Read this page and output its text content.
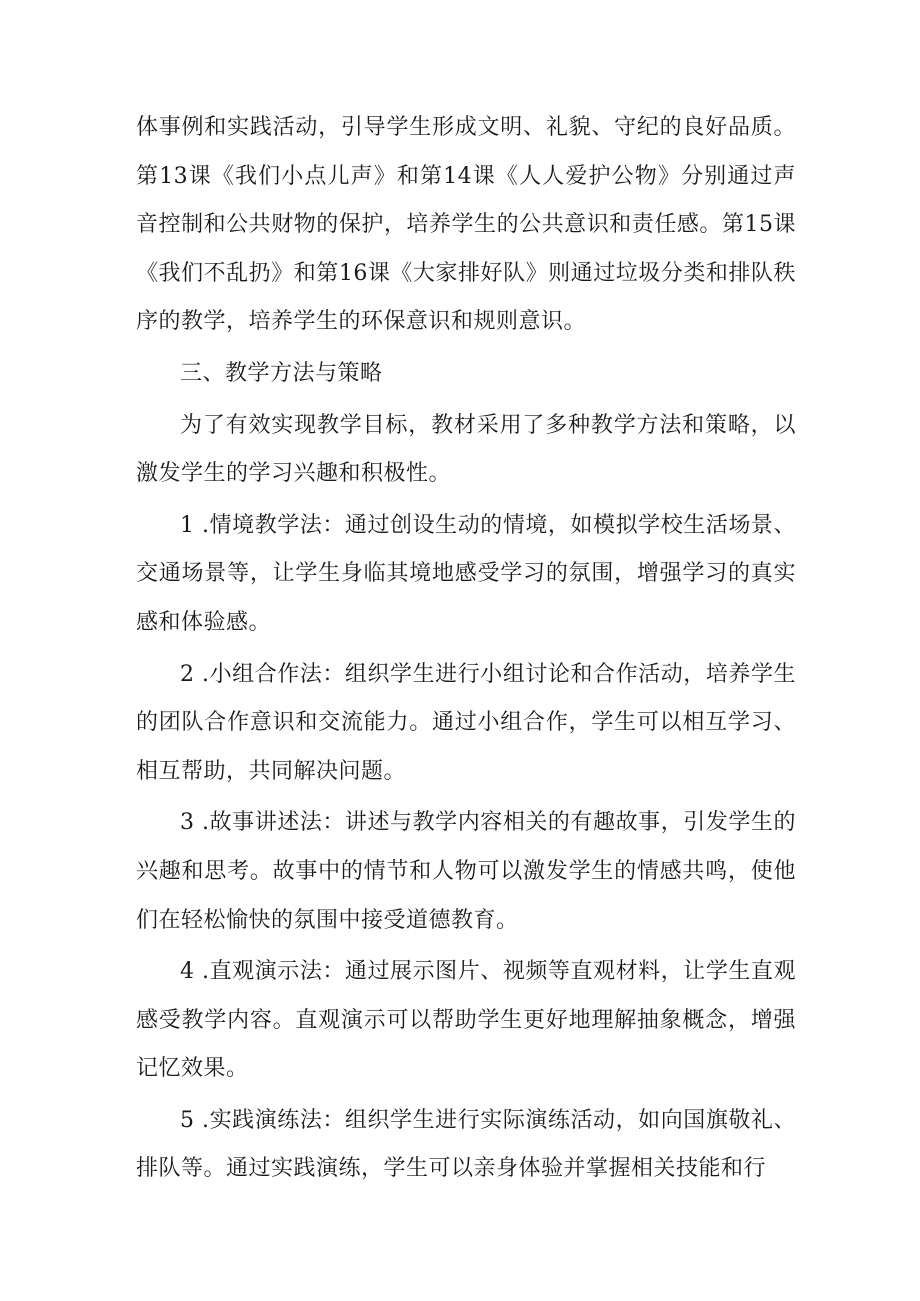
体事例和实践活动，引导学生形成文明、礼貌、守纪的良好品质。第13课《我们小点儿声》和第14课《人人爱护公物》分别通过声音控制和公共财物的保护，培养学生的公共意识和责任感。第15课《我们不乱扔》和第16课《大家排好队》则通过垃圾分类和排队秩序的教学，培养学生的环保意识和规则意识。

三、教学方法与策略

为了有效实现教学目标，教材采用了多种教学方法和策略，以激发学生的学习兴趣和积极性。

1 .情境教学法：通过创设生动的情境，如模拟学校生活场景、交通场景等，让学生身临其境地感受学习的氛围，增强学习的真实感和体验感。

2 .小组合作法：组织学生进行小组讨论和合作活动，培养学生的团队合作意识和交流能力。通过小组合作，学生可以相互学习、相互帮助，共同解决问题。

3 .故事讲述法：讲述与教学内容相关的有趣故事，引发学生的兴趣和思考。故事中的情节和人物可以激发学生的情感共鸣，使他们在轻松愉快的氛围中接受道德教育。

4 .直观演示法：通过展示图片、视频等直观材料，让学生直观感受教学内容。直观演示可以帮助学生更好地理解抽象概念，增强记忆效果。

5 .实践演练法：组织学生进行实际演练活动，如向国旗敬礼、排队等。通过实践演练，学生可以亲身体验并掌握相关技能和行
